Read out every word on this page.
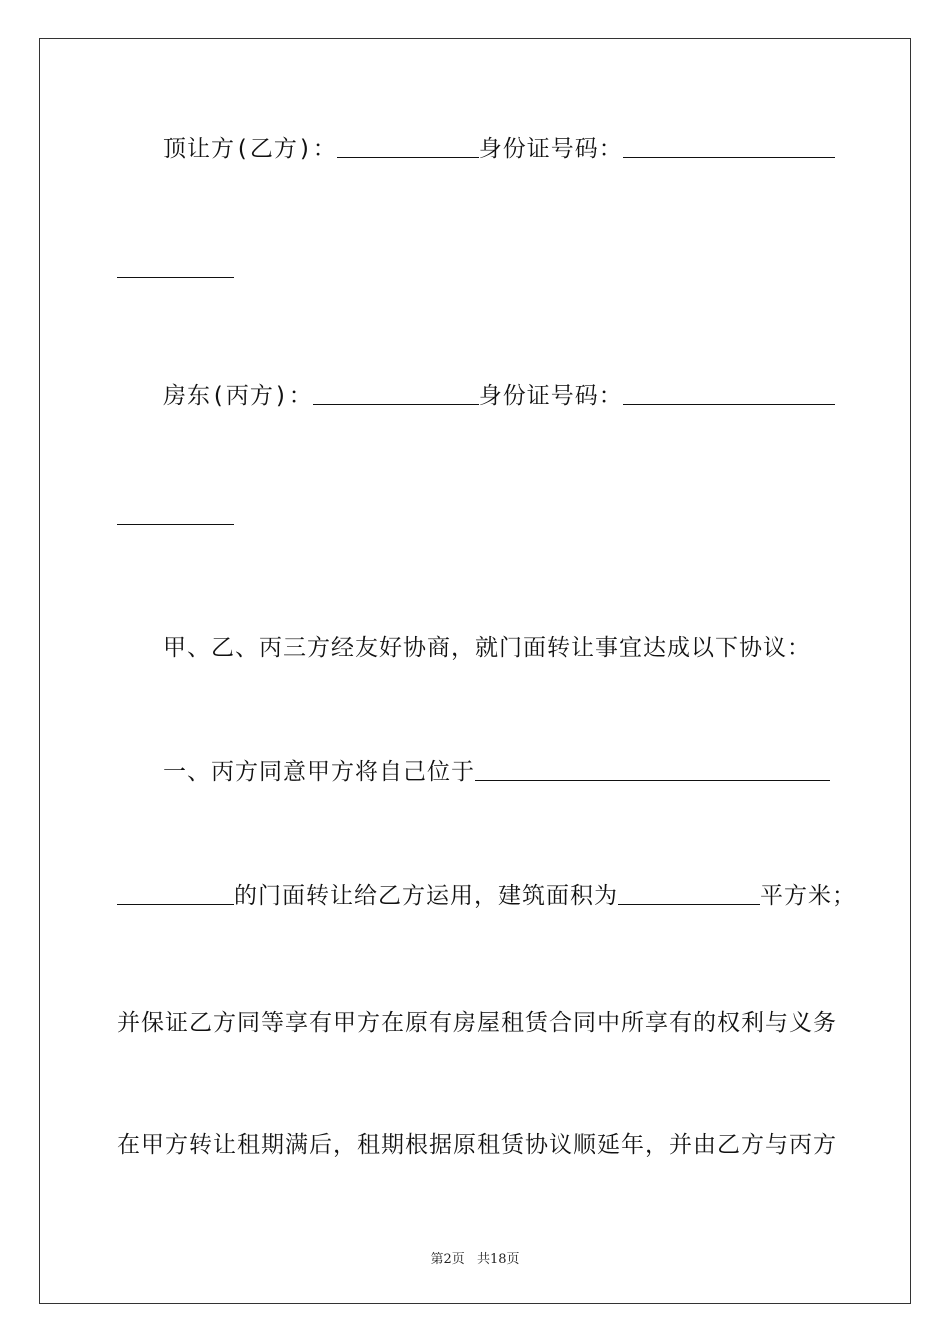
顶让方(乙方)：	身份证号码：
房东(丙方)：	身份证号码：
甲、乙、丙三方经友好协商，就门面转让事宜达成以下协议：
一、丙方同意甲方将自己位于
的门面转让给乙方运用，建筑面积为	平方米；
并保证乙方同等享有甲方在原有房屋租赁合同中所享有的权利与义务
在甲方转让租期满后，租期根据原租赁协议顺延年，并由乙方与丙方
第2页 共18页
